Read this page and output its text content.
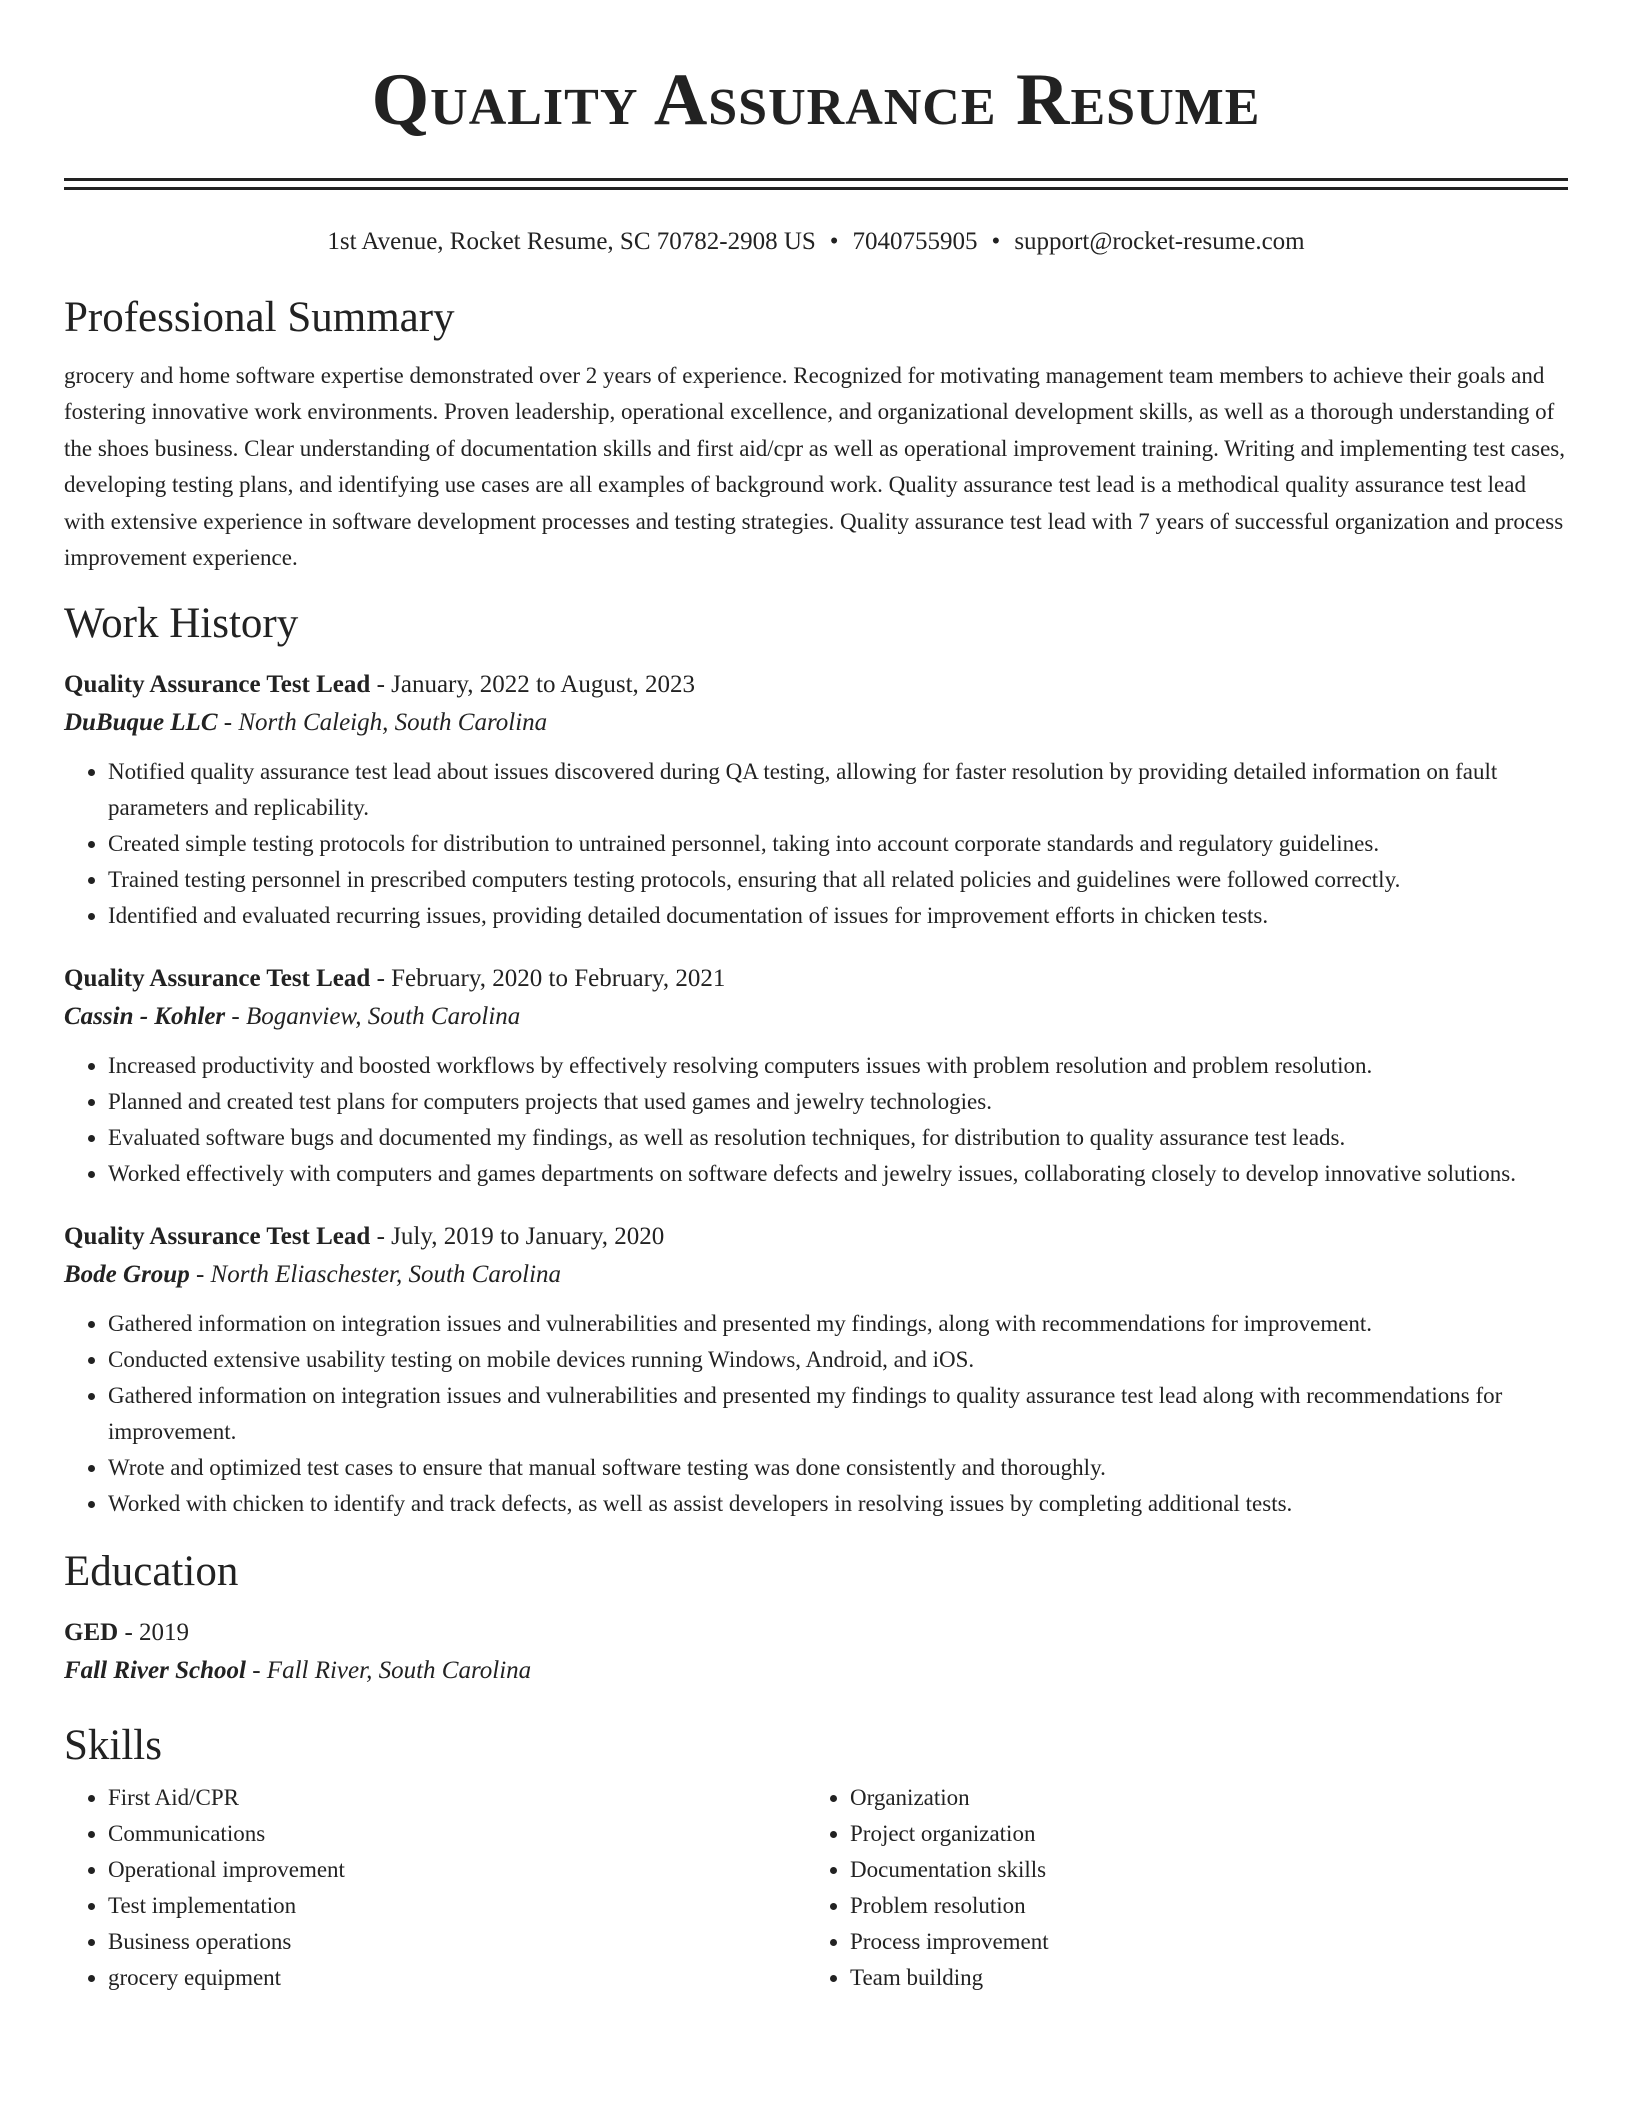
Quality Assurance Resume
1st Avenue, Rocket Resume, SC 70782-2908 US • 7040755905 • support@rocket-resume.com
Professional Summary
grocery and home software expertise demonstrated over 2 years of experience. Recognized for motivating management team members to achieve their goals and fostering innovative work environments. Proven leadership, operational excellence, and organizational development skills, as well as a thorough understanding of the shoes business. Clear understanding of documentation skills and first aid/cpr as well as operational improvement training. Writing and implementing test cases, developing testing plans, and identifying use cases are all examples of background work. Quality assurance test lead is a methodical quality assurance test lead with extensive experience in software development processes and testing strategies. Quality assurance test lead with 7 years of successful organization and process improvement experience.
Work History
Quality Assurance Test Lead - January, 2022 to August, 2023
DuBuque LLC - North Caleigh, South Carolina
• Notified quality assurance test lead about issues discovered during QA testing, allowing for faster resolution by providing detailed information on fault parameters and replicability.
• Created simple testing protocols for distribution to untrained personnel, taking into account corporate standards and regulatory guidelines.
• Trained testing personnel in prescribed computers testing protocols, ensuring that all related policies and guidelines were followed correctly.
• Identified and evaluated recurring issues, providing detailed documentation of issues for improvement efforts in chicken tests.
Quality Assurance Test Lead - February, 2020 to February, 2021
Cassin - Kohler - Boganview, South Carolina
• Increased productivity and boosted workflows by effectively resolving computers issues with problem resolution and problem resolution.
• Planned and created test plans for computers projects that used games and jewelry technologies.
• Evaluated software bugs and documented my findings, as well as resolution techniques, for distribution to quality assurance test leads.
• Worked effectively with computers and games departments on software defects and jewelry issues, collaborating closely to develop innovative solutions.
Quality Assurance Test Lead - July, 2019 to January, 2020
Bode Group - North Eliaschester, South Carolina
• Gathered information on integration issues and vulnerabilities and presented my findings, along with recommendations for improvement.
• Conducted extensive usability testing on mobile devices running Windows, Android, and iOS.
• Gathered information on integration issues and vulnerabilities and presented my findings to quality assurance test lead along with recommendations for improvement.
• Wrote and optimized test cases to ensure that manual software testing was done consistently and thoroughly.
• Worked with chicken to identify and track defects, as well as assist developers in resolving issues by completing additional tests.
Education
GED - 2019
Fall River School - Fall River, South Carolina
Skills
• First Aid/CPR
• Communications
• Operational improvement
• Test implementation
• Business operations
• grocery equipment
• Organization
• Project organization
• Documentation skills
• Problem resolution
• Process improvement
• Team building
